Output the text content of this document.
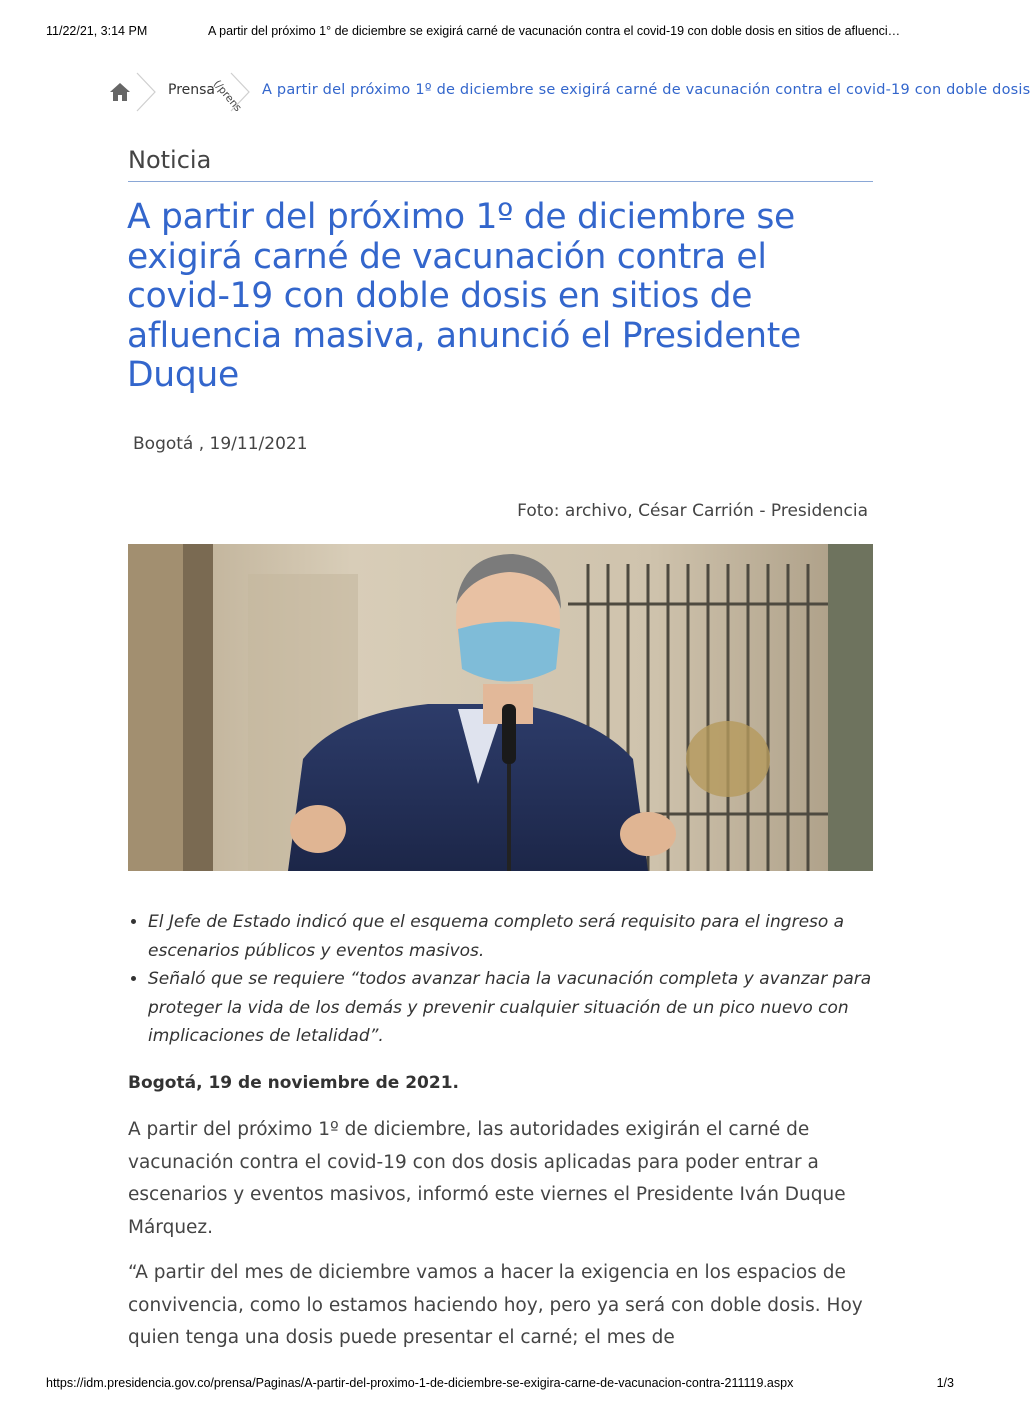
11/22/21, 3:14 PM	A partir del próximo 1° de diciembre se exigirá carné de vacunación contra el covid-19 con doble dosis en sitios de afluenci…
Prensa
(/prens A partir del próximo 1º de diciembre se exigirá carné de vacunación contra el covid-19 con doble dosis
Noticia
A partir del próximo 1º de diciembre se exigirá carné de vacunación contra el covid-19 con doble dosis en sitios de afluencia masiva, anunció el Presidente Duque
Bogotá , 19/11/2021
Foto: archivo, César Carrión - Presidencia
• El Jefe de Estado indicó que el esquema completo será requisito para el ingreso a escenarios públicos y eventos masivos.
• Señaló que se requiere “todos avanzar hacia la vacunación completa y avanzar para proteger la vida de los demás y prevenir cualquier situación de un pico nuevo con implicaciones de letalidad”.
Bogotá, 19 de noviembre de 2021.

A partir del próximo 1º de diciembre, las autoridades exigirán el carné de vacunación contra el covid-19 con dos dosis aplicadas para poder entrar a escenarios y eventos masivos, informó este viernes el Presidente Iván Duque Márquez.

“A partir del mes de diciembre vamos a hacer la exigencia en los espacios de convivencia, como lo estamos haciendo hoy, pero ya será con doble dosis. Hoy quien tenga una dosis puede presentar el carné; el mes de

https://idm.presidencia.gov.co/prensa/Paginas/A-partir-del-proximo-1-de-diciembre-se-exigira-carne-de-vacunacion-contra-211119.aspx	1/3
